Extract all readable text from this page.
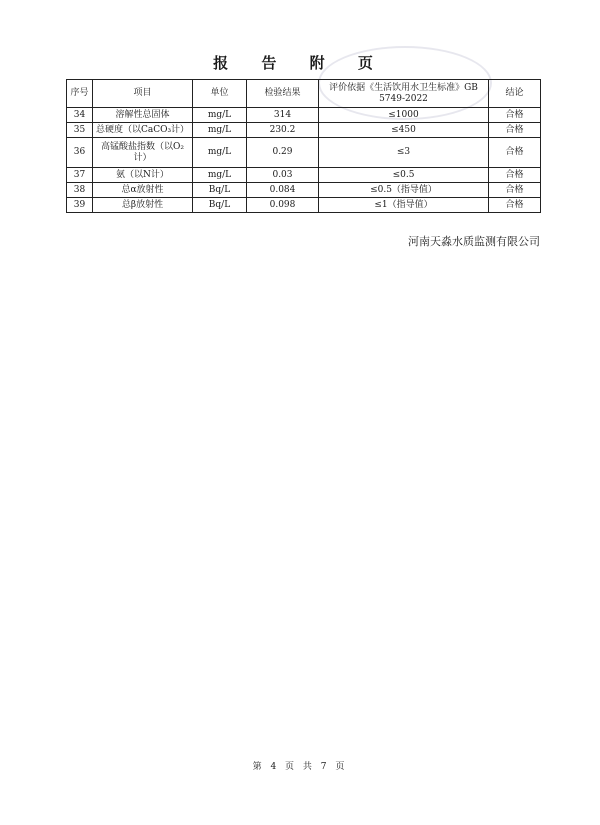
报 告 附 页
序号	项目	单位	检验结果	评价依据《生活饮用水卫生标准》GB 5749-2022	结论
34	溶解性总固体	mg/L	314	≤1000	合格
35	总硬度（以CaCO₃计）	mg/L	230.2	≤450	合格
36	高锰酸盐指数（以O₂计）	mg/L	0.29	≤3	合格
37	氨（以N计）	mg/L	0.03	≤0.5	合格
38	总α放射性	Bq/L	0.084	≤0.5（指导值）	合格
39	总β放射性	Bq/L	0.098	≤1（指导值）	合格
河南天淼水质监测有限公司
第 4 页 共 7 页
